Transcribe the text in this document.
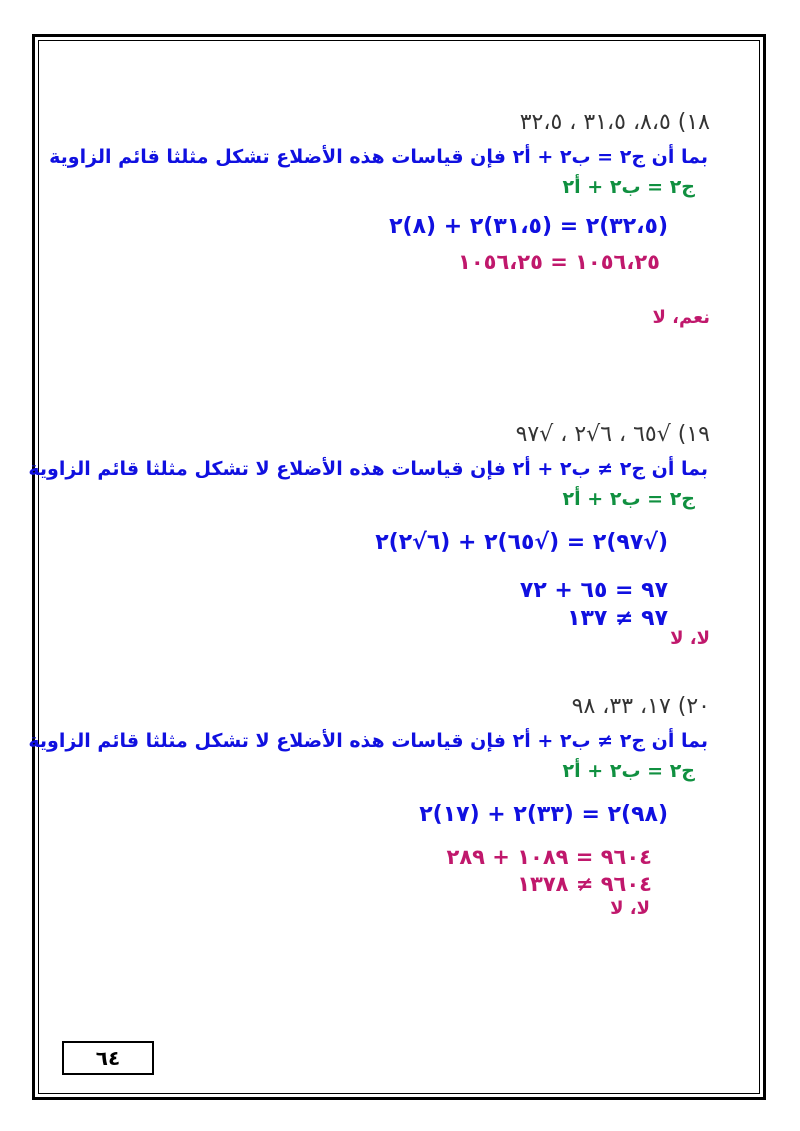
١٨) ٨،٥، ٣١،٥ ، ٣٢،٥
بما أن ج٢ = ب٢ + أ٢ فإن قياسات هذه الأضلاع تشكل مثلثا قائم الزاوية
ج٢ = ب٢ + أ٢
(٣٢،٥)٢ = (٣١،٥)٢ + (٨)٢
١٠٥٦،٢٥ = ١٠٥٦،٢٥
نعم، لا
١٩) √٦٥ ، ٦√٢ ، √٩٧
بما أن ج٢ ≠ ب٢ + أ٢ فإن قياسات هذه الأضلاع لا تشكل مثلثا قائم الزاوية
ج٢ = ب٢ + أ٢
(√٩٧)٢ = (√٦٥)٢ + (٦√٢)٢
٩٧ = ٦٥ + ٧٢
٩٧ ≠ ١٣٧
لا، لا
٢٠) ١٧، ٣٣، ٩٨
بما أن ج٢ ≠ ب٢ + أ٢ فإن قياسات هذه الأضلاع لا تشكل مثلثا قائم الزاوية
ج٢ = ب٢ + أ٢
(٩٨)٢ = (٣٣)٢ + (١٧)٢
٩٦٠٤ = ١٠٨٩ + ٢٨٩
٩٦٠٤ ≠ ١٣٧٨
لا، لا
٦٤
